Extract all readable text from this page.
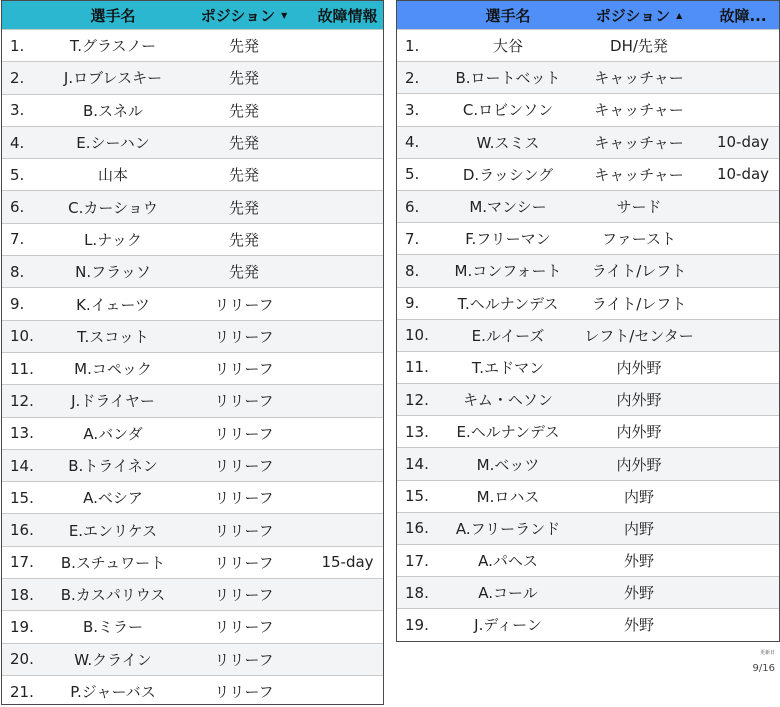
選手名	ポジション ▼	故障情報
1.	T.グラスノー	先発
2.	J.ロブレスキー	先発
3.	B.スネル	先発
4.	E.シーハン	先発
5.	山本	先発
6.	C.カーショウ	先発
7.	L.ナック	先発
8.	N.フラッソ	先発
9.	K.イェーツ	リリーフ
10.	T.スコット	リリーフ
11.	M.コペック	リリーフ
12.	J.ドライヤー	リリーフ
13.	A.バンダ	リリーフ
14.	B.トライネン	リリーフ
15.	A.ベシア	リリーフ
16.	E.エンリケス	リリーフ
17.	B.スチュワート	リリーフ	15-day
18.	B.カスパリウス	リリーフ
19.	B.ミラー	リリーフ
20.	W.クライン	リリーフ
21.	P.ジャーバス	リリーフ
選手名	ポジション ▲	故障...
1.	大谷	DH/先発
2.	B.ロートベット	キャッチャー
3.	C.ロビンソン	キャッチャー
4.	W.スミス	キャッチャー	10-day
5.	D.ラッシング	キャッチャー	10-day
6.	M.マンシー	サード
7.	F.フリーマン	ファースト
8.	M.コンフォート	ライト/レフト
9.	T.ヘルナンデス	ライト/レフト
10.	E.ルイーズ	レフト/センター
11.	T.エドマン	内外野
12.	キム・ヘソン	内外野
13.	E.ヘルナンデス	内外野
14.	M.ベッツ	内外野
15.	M.ロハス	内野
16.	A.フリーランド	内野
17.	A.パヘス	外野
18.	A.コール	外野
19.	J.ディーン	外野
更新日
9/16
